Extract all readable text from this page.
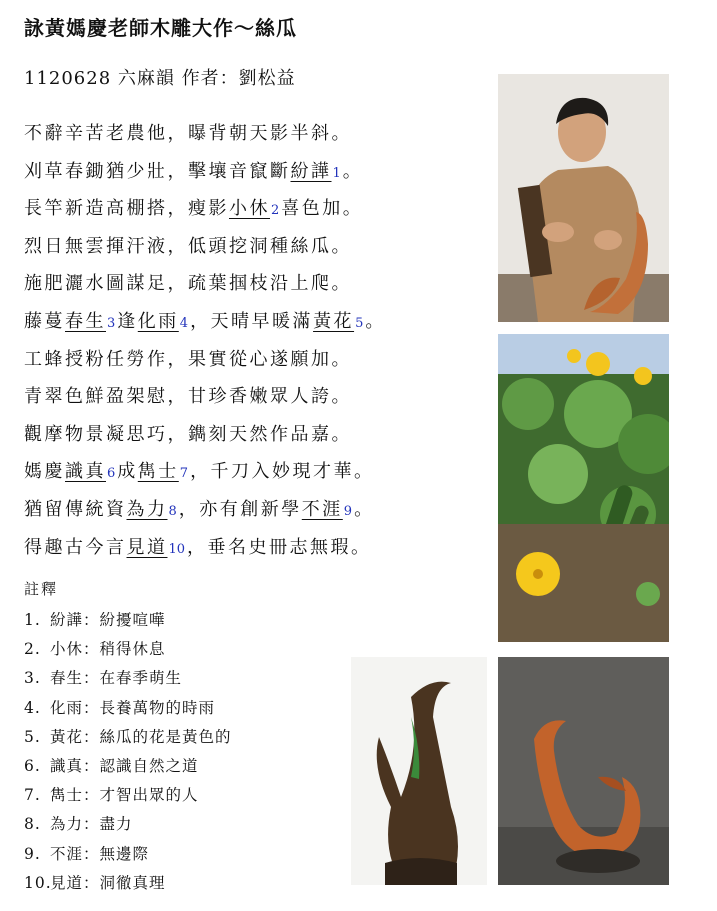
詠黃媽慶老師木雕大作～絲瓜
1120628 六麻韻 作者：劉松益
不辭辛苦老農他，曝背朝天影半斜。
刈草春鋤猶少壯，擊壤音竄斷紛譁1 。
長竿新造高棚搭，瘦影小休2 喜色加。
烈日無雲揮汗液，低頭挖洞種絲瓜。
施肥灑水圖謀足，疏葉掴枝沿上爬。
藤蔓春生3 逢化雨4 ，天晴早暖滿黃花5 。
工蜂授粉任勞作，果實從心遂願加。
青翠色鮮盈架慰，甘珍香嫩眾人誇。
觀摩物景凝思巧，鐫刻天然作品嘉。
媽慶識真6 成雋士7 ，千刀入妙現才華。
猶留傳統資為力8 ，亦有創新學不涯9 。
得趣古今言見道10 ，垂名史冊志無瑕。
註釋
1. 紛譁：紛擾喧嘩
2. 小休：稍得休息
3. 春生：在春季萌生
4. 化雨：長養萬物的時雨
5. 黃花：絲瓜的花是黃色的
6. 識真：認識自然之道
7. 雋士：才智出眾的人
8. 為力：盡力
9. 不涯：無邊際
10.見道：洞徹真理
